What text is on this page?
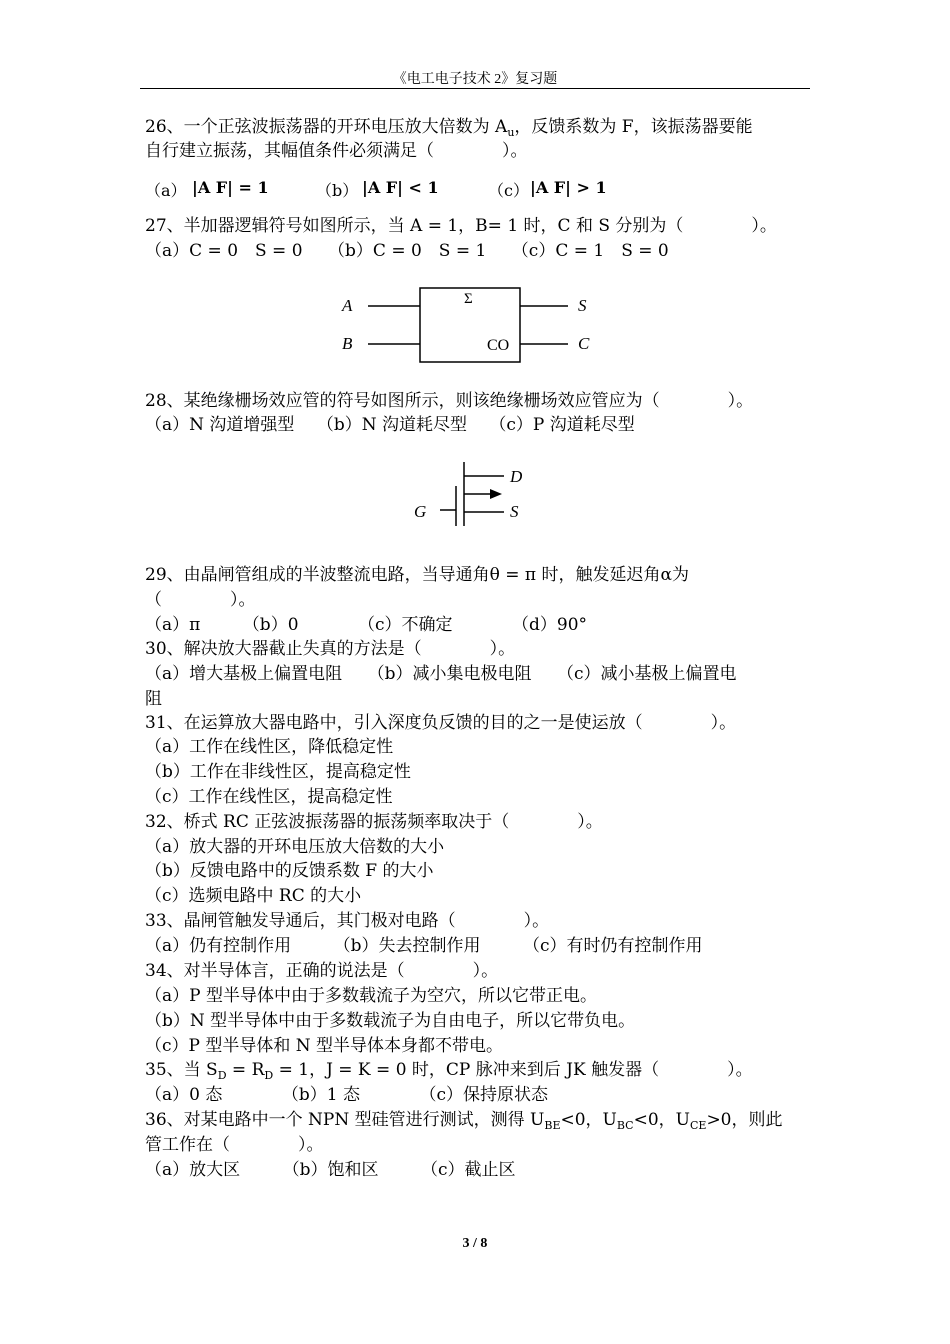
《电工电子技术 2》复习题
26、一个正弦波振荡器的开环电压放大倍数为 $A_u$，反馈系数为 F，该振荡器要能
自行建立振荡，其幅值条件必须满足（　　　　）。
（a） |A F| = 1	（b） |A F| < 1	（c） |A F| > 1
27、半加器逻辑符号如图所示，当 A = 1，B= 1 时，C 和 S 分别为（　　　　）。
（a）C = 0　S = 0　　（b）C = 0　S = 1　　（c）C = 1　S = 0
A
B
Σ
CO
S
C
28、某绝缘栅场效应管的符号如图所示，则该绝缘栅场效应管应为（　　　　）。
（a）N 沟道增强型　 （b）N 沟道耗尽型　 （c）P 沟道耗尽型
D
G	S
29、由晶闸管组成的半波整流电路，当导通角θ = π 时，触发延迟角α为
（　　　　）。
（a）π　　　（b）0　　　　（c）不确定　　　　（d）90°
30、解决放大器截止失真的方法是（　　　　）。
（a）增大基极上偏置电阻　　（b）减小集电极电阻　　（c）减小基极上偏置电
阻
31、在运算放大器电路中，引入深度负反馈的目的之一是使运放（　　　　）。
（a）工作在线性区，降低稳定性
（b）工作在非线性区，提高稳定性
（c）工作在线性区，提高稳定性
32、桥式 RC 正弦波振荡器的振荡频率取决于（　　　　）。
（a）放大器的开环电压放大倍数的大小
（b）反馈电路中的反馈系数 F 的大小
（c）选频电路中 RC 的大小
33、晶闸管触发导通后，其门极对电路（　　　　）。
（a）仍有控制作用　　　（b）失去控制作用　　　（c）有时仍有控制作用
34、对半导体言，正确的说法是（　　　　）。
（a）P 型半导体中由于多数载流子为空穴，所以它带正电。
（b）N 型半导体中由于多数载流子为自由电子，所以它带负电。
（c）P 型半导体和 N 型半导体本身都不带电。
35、当 $S_D = R_D = 1$，J = K = 0 时，CP 脉冲来到后 JK 触发器（　　　　）。
（a）0 态　　　　（b）1 态　　　　（c）保持原状态
36、对某电路中一个 NPN 型硅管进行测试，测得 $U_{BE}<0$，$U_{BC}<0$，$U_{CE}>0$，则此
管工作在（　　　　）。
（a）放大区　　　（b）饱和区　　　（c）截止区
3 / 8
